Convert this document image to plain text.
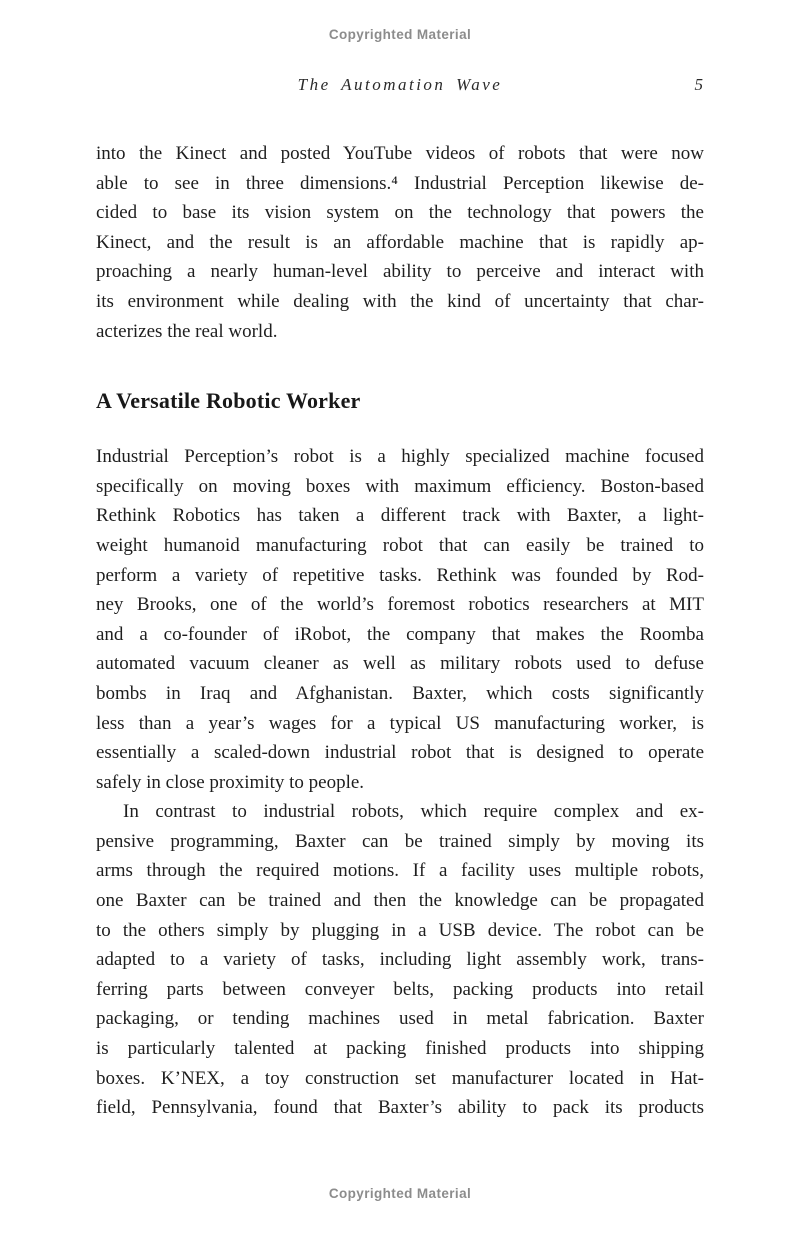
Copyrighted Material
The Automation Wave	5
into the Kinect and posted YouTube videos of robots that were now
able to see in three dimensions.⁴ Industrial Perception likewise de-
cided to base its vision system on the technology that powers the
Kinect, and the result is an affordable machine that is rapidly ap-
proaching a nearly human-level ability to perceive and interact with
its environment while dealing with the kind of uncertainty that char-
acterizes the real world.
A Versatile Robotic Worker
Industrial Perception’s robot is a highly specialized machine focused
specifically on moving boxes with maximum efficiency. Boston-based
Rethink Robotics has taken a different track with Baxter, a light-
weight humanoid manufacturing robot that can easily be trained to
perform a variety of repetitive tasks. Rethink was founded by Rod-
ney Brooks, one of the world’s foremost robotics researchers at MIT
and a co-founder of iRobot, the company that makes the Roomba
automated vacuum cleaner as well as military robots used to defuse
bombs in Iraq and Afghanistan. Baxter, which costs significantly
less than a year’s wages for a typical US manufacturing worker, is
essentially a scaled-down industrial robot that is designed to operate
safely in close proximity to people.
In contrast to industrial robots, which require complex and ex-
pensive programming, Baxter can be trained simply by moving its
arms through the required motions. If a facility uses multiple robots,
one Baxter can be trained and then the knowledge can be propagated
to the others simply by plugging in a USB device. The robot can be
adapted to a variety of tasks, including light assembly work, trans-
ferring parts between conveyer belts, packing products into retail
packaging, or tending machines used in metal fabrication. Baxter
is particularly talented at packing finished products into shipping
boxes. K’NEX, a toy construction set manufacturer located in Hat-
field, Pennsylvania, found that Baxter’s ability to pack its products
Copyrighted Material
